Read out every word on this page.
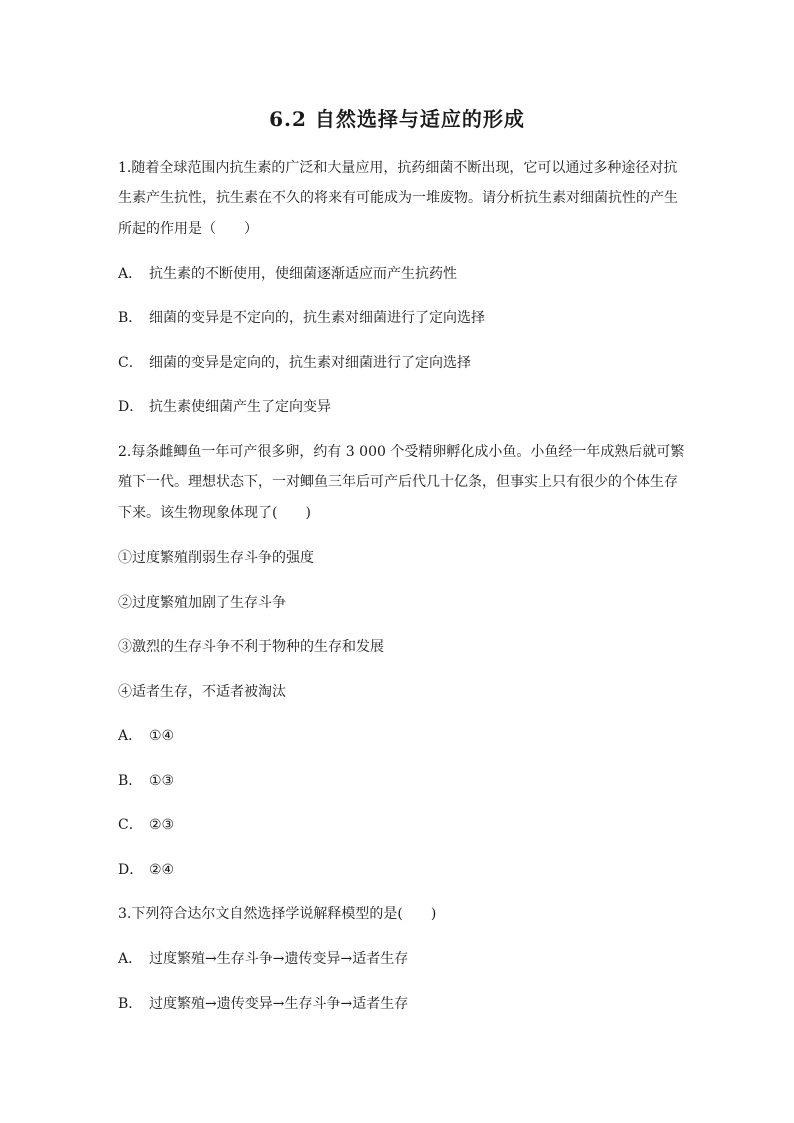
6.2 自然选择与适应的形成
1.随着全球范围内抗生素的广泛和大量应用，抗药细菌不断出现，它可以通过多种途径对抗
生素产生抗性，抗生素在不久的将来有可能成为一堆废物。请分析抗生素对细菌抗性的产生
所起的作用是（　　）
A． 抗生素的不断使用，使细菌逐渐适应而产生抗药性
B． 细菌的变异是不定向的，抗生素对细菌进行了定向选择
C． 细菌的变异是定向的，抗生素对细菌进行了定向选择
D． 抗生素使细菌产生了定向变异
2.每条雌鲫鱼一年可产很多卵，约有 3 000 个受精卵孵化成小鱼。小鱼经一年成熟后就可繁
殖下一代。理想状态下，一对鲫鱼三年后可产后代几十亿条，但事实上只有很少的个体生存
下来。该生物现象体现了(　　)
①过度繁殖削弱生存斗争的强度
②过度繁殖加剧了生存斗争
③激烈的生存斗争不利于物种的生存和发展
④适者生存，不适者被淘汰
A． ①④
B． ①③
C． ②③
D． ②④
3.下列符合达尔文自然选择学说解释模型的是(　　)
A． 过度繁殖→生存斗争→遗传变异→适者生存
B． 过度繁殖→遗传变异→生存斗争→适者生存
